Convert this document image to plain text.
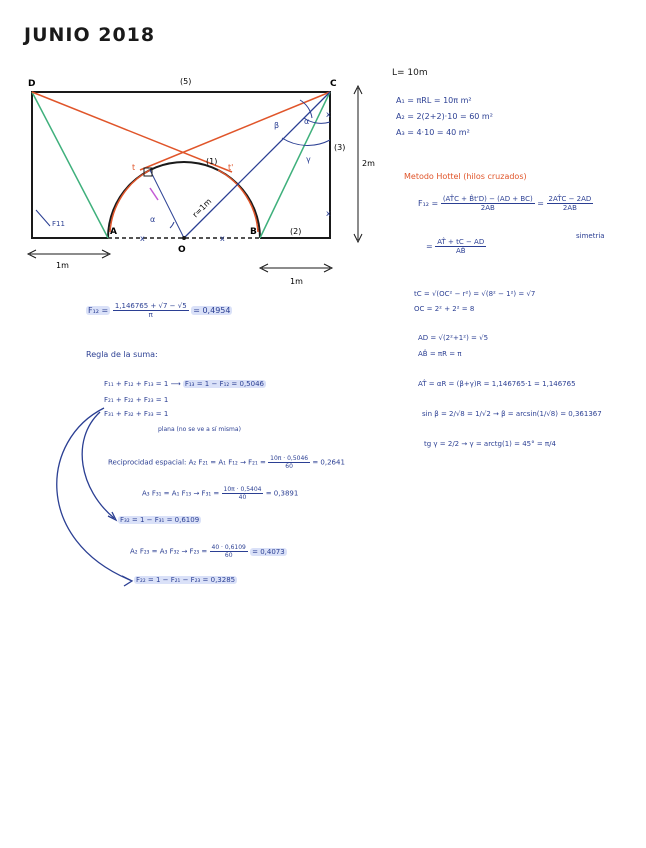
JUNIO 2018
x	x
x
x
D	C
A	B
O
(5)
(1)
(2)
(3)
r=1m
α
α
β
γ
t	t'
F11
2m
1m
1m
L= 10m
A₁ = πRL = 10π m²
A₂ = 2(2+2)·10 = 60 m²
A₃ = 4·10 = 40 m²
Metodo Hottel (hilos cruzados)
$F_{12} = \frac{(AT̂C + B̂t'D) - (AD + BC)}{2AB} = \frac{2AT̂C - 2AD}{2AB}$
simetria
= $\frac{AT̂ + tC - AD}{AB̂}$
tC = √(OC² − r²) = √(8² − 1²) = √7
OC = 2² + 2² = 8
AD = √(2²+1²) = √5
AB̂ = πR = π
AT̂ = αR = (β+γ)R = 1,146765·1 = 1,146765
sin β = 2/√8 = 1/√2 → β = arcsin(1/√8) = 0,361367
tg γ = 2/2 → γ = arctg(1) = 45° = π/4
$F_{12} = \frac{1,146765 + √7 - √5}{\pi} = 0,4954$
Regla de la suma:
F₁₁ + F₁₂ + F₁₃ = 1 ⟶ F₁₃ = 1 − F₁₂ = 0,5046
F₂₁ + F₂₂ + F₂₃ = 1
F₃₁ + F₃₂ + F₃₃ = 1
plana (no se ve a sí misma)
Reciprocidad espacial: A₂ F₂₁ = A₁ $F_{12} \to F_{21} = \frac{10\pi \cdot 0,5046}{60} = 0,2641$
A₃ F₃₁ = A₁ $F_{13} \to F_{31} = \frac{10\pi \cdot 0,5404}{40} = 0,3891$
F₃₂ = 1 − F₃₁ = 0,6109
A₂ F₂₃ = A₃ $F_{32} \to F_{23} = \frac{40 \cdot 0,6109}{60} = 0,4073$
F₂₂ = 1 − F₂₁ − F₂₃ = 0,3285
